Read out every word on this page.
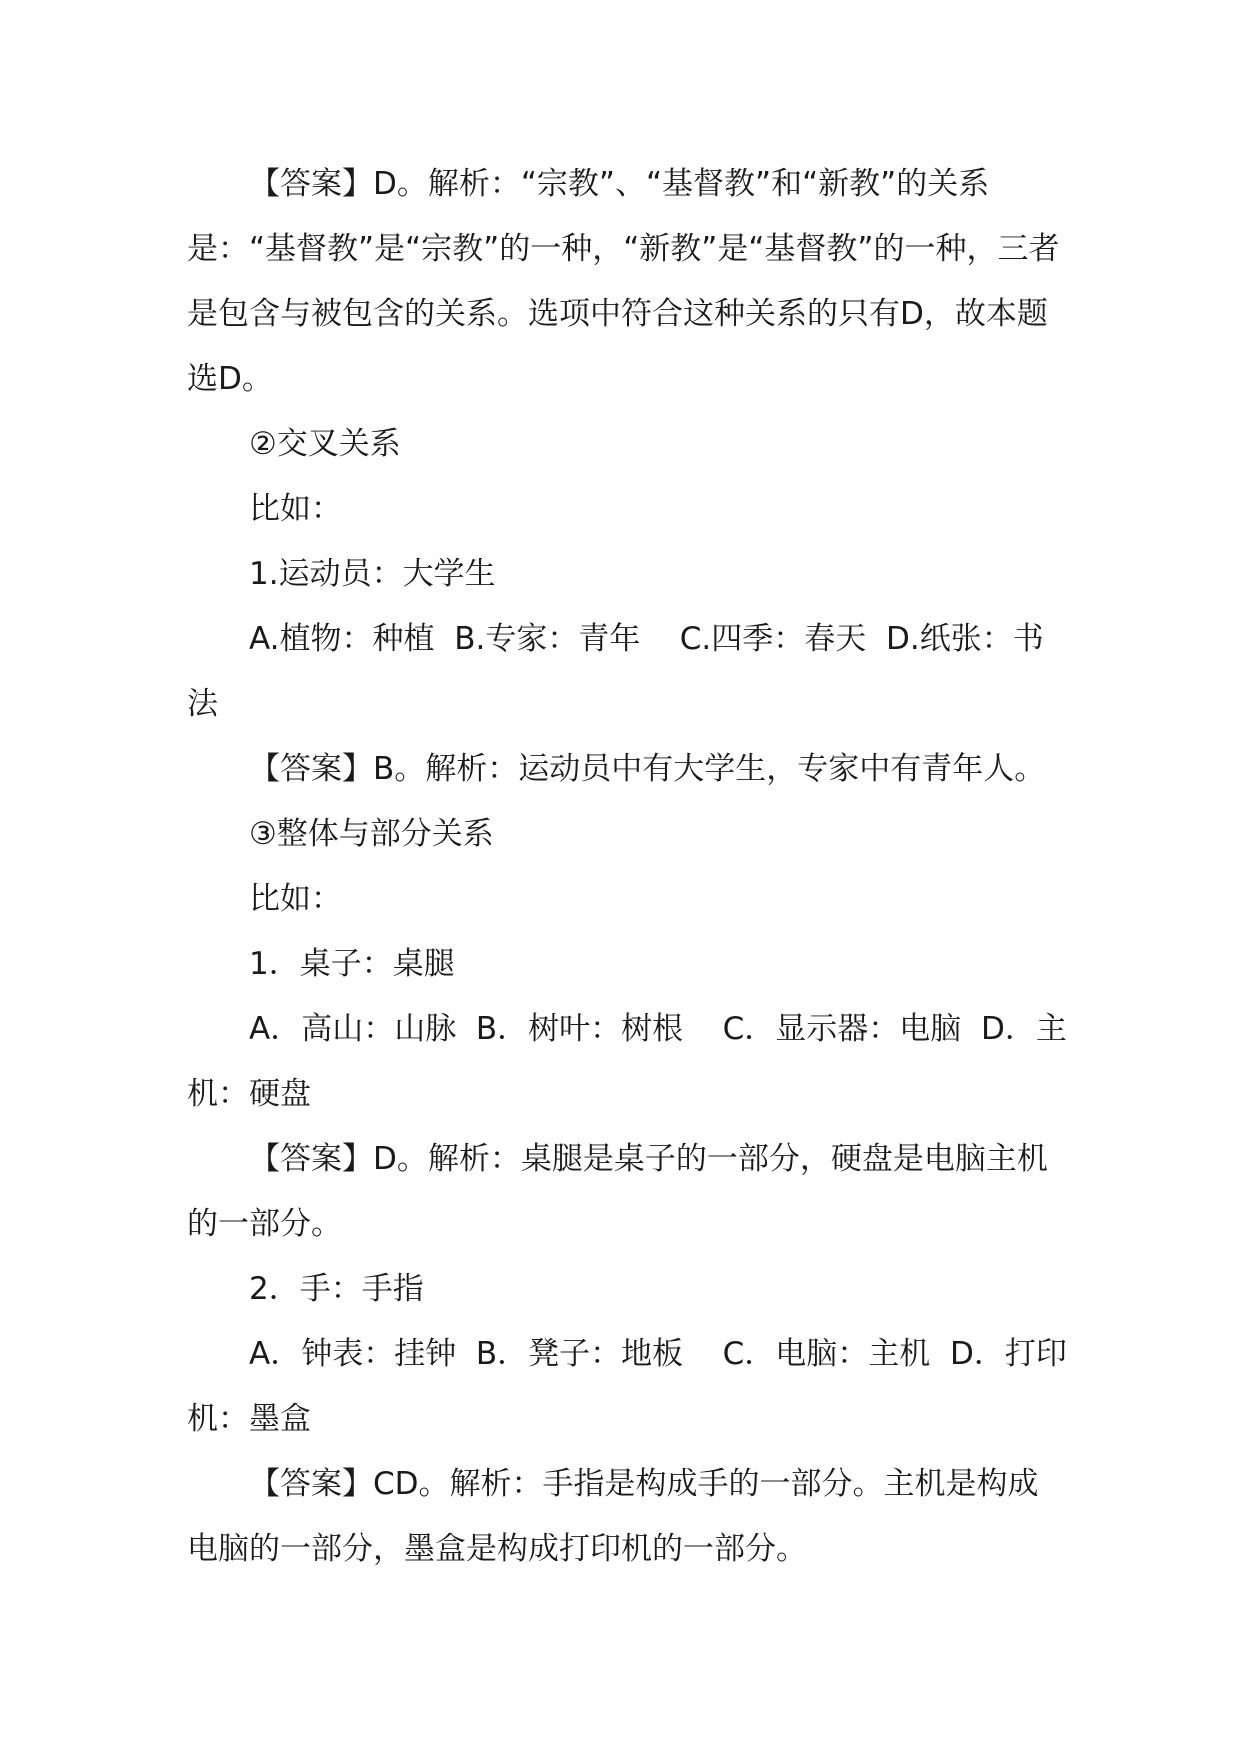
【答案】D。解析：“宗教”、“基督教”和“新教”的关系是：“基督教”是“宗教”的一种，“新教”是“基督教”的一种，三者是包含与被包含的关系。选项中符合这种关系的只有D，故本题选D。

②交叉关系

比如：

1.运动员：大学生

A.植物：种植  B.专家：青年    C.四季：春天  D.纸张：书法

【答案】B。解析：运动员中有大学生，专家中有青年人。

③整体与部分关系

比如：

1．桌子：桌腿

A．高山：山脉  B．树叶：树根    C．显示器：电脑  D．主机：硬盘

【答案】D。解析：桌腿是桌子的一部分，硬盘是电脑主机的一部分。

2．手：手指

A．钟表：挂钟  B．凳子：地板    C．电脑：主机  D．打印机：墨盒

【答案】CD。解析：手指是构成手的一部分。主机是构成电脑的一部分，墨盒是构成打印机的一部分。
